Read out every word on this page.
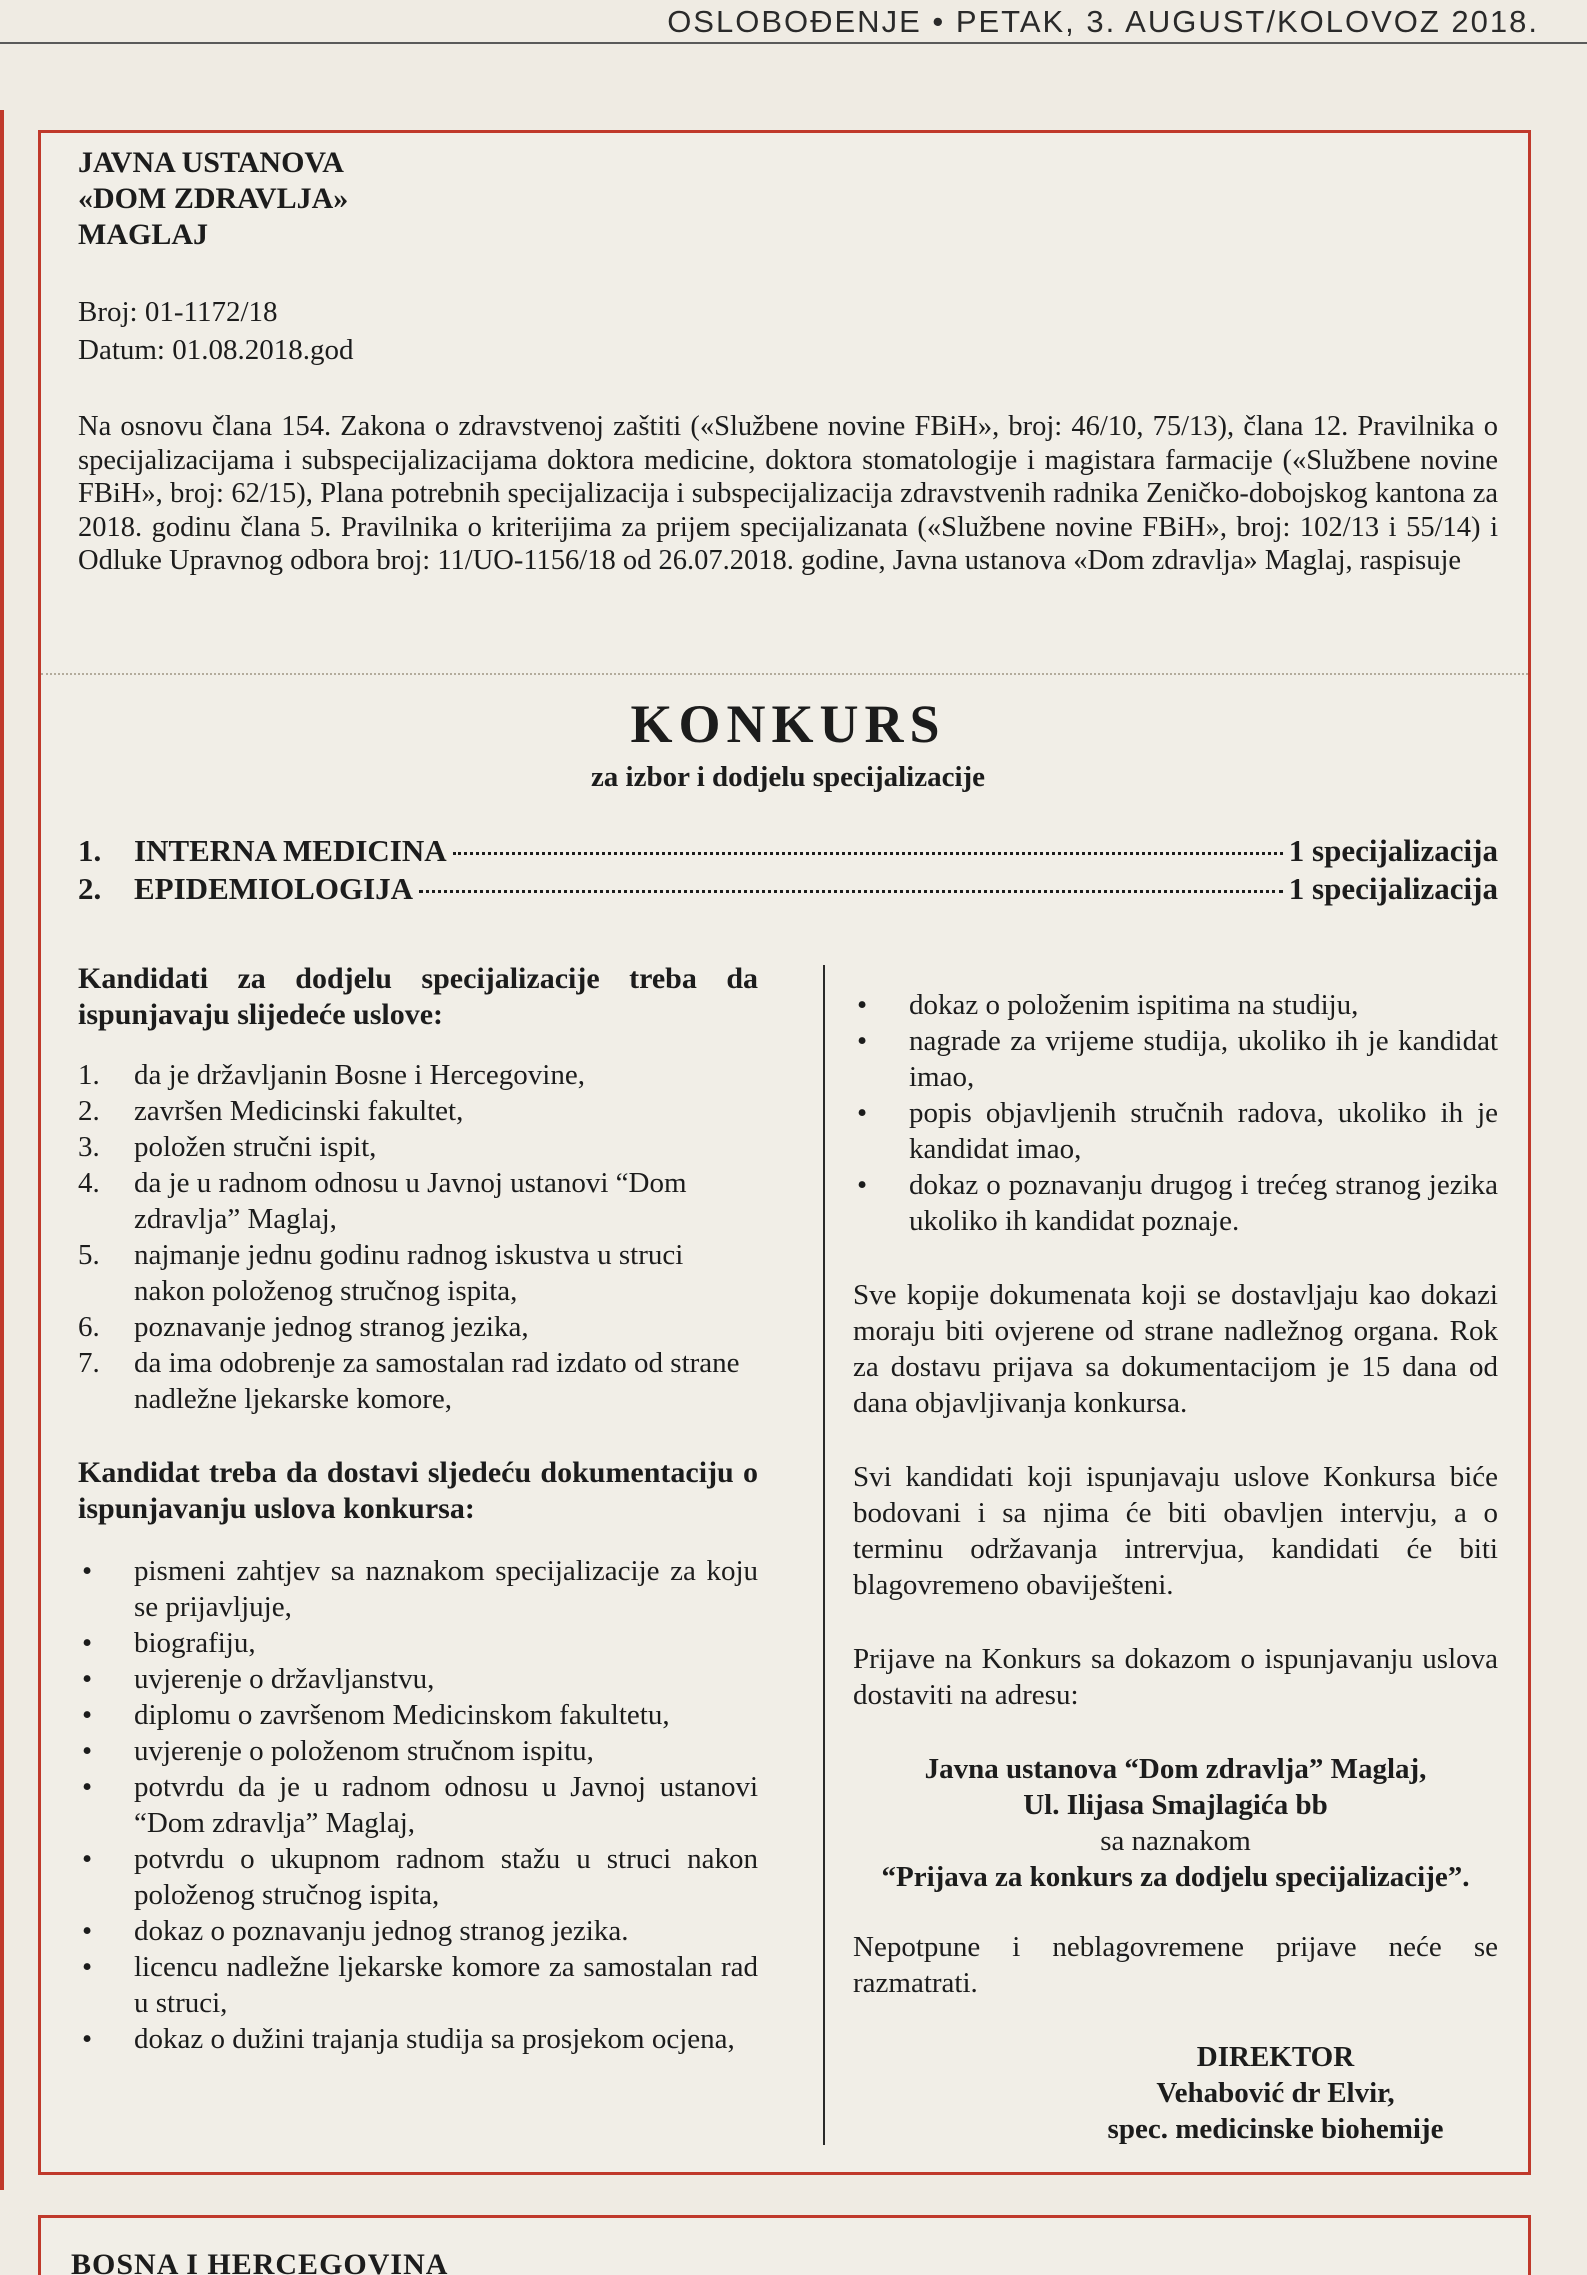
OSLOBOĐENJE • PETAK, 3. AUGUST/KOLOVOZ 2018.
JAVNA USTANOVA
«DOM ZDRAVLJA»
MAGLAJ
Broj: 01-1172/18
Datum: 01.08.2018.god
Na osnovu člana 154. Zakona o zdravstvenoj zaštiti («Službene novine FBiH», broj: 46/10, 75/13), člana 12. Pravilnika o specijalizacijama i subspecijalizacijama doktora medicine, doktora stomatologije i magistara farmacije («Službene novine FBiH», broj: 62/15), Plana potrebnih specijalizacija i subspecijalizacija zdravstvenih radnika Zeničko-dobojskog kantona za 2018. godinu člana 5. Pravilnika o kriterijima za prijem specijalizanata («Službene novine FBiH», broj: 102/13 i 55/14) i Odluke Upravnog odbora broj: 11/UO-1156/18 od 26.07.2018. godine, Javna ustanova «Dom zdravlja» Maglaj, raspisuje
KONKURS
za izbor i dodjelu specijalizacije
1.	INTERNA MEDICINA	1 specijalizacija
2.	EPIDEMIOLOGIJA	1 specijalizacija
Kandidati za dodjelu specijalizacije treba da ispunjavaju slijedeće uslove:
1.	da je državljanin Bosne i Hercegovine,
2.	završen Medicinski fakultet,
3.	položen stručni ispit,
4.	da je u radnom odnosu u Javnoj ustanovi “Dom zdravlja” Maglaj,
5.	najmanje jednu godinu radnog iskustva u struci nakon položenog stručnog ispita,
6.	poznavanje jednog stranog jezika,
7.	da ima odobrenje za samostalan rad izdato od strane nadležne ljekarske komore,
Kandidat treba da dostavi sljedeću dokumentaciju o ispunjavanju uslova konkursa:
•	pismeni zahtjev sa naznakom specijalizacije za koju se prijavljuje,
•	biografiju,
•	uvjerenje o državljanstvu,
•	diplomu o završenom Medicinskom fakultetu,
•	uvjerenje o položenom stručnom ispitu,
•	potvrdu da je u radnom odnosu u Javnoj ustanovi “Dom zdravlja” Maglaj,
•	potvrdu o ukupnom radnom stažu u struci nakon položenog stručnog ispita,
•	dokaz o poznavanju jednog stranog jezika.
•	licencu nadležne ljekarske komore za samostalan rad u struci,
•	dokaz o dužini trajanja studija sa prosjekom ocjena,
•	dokaz o položenim ispitima na studiju,
•	nagrade za vrijeme studija, ukoliko ih je kandidat imao,
•	popis objavljenih stručnih radova, ukoliko ih je kandidat imao,
•	dokaz o poznavanju drugog i trećeg stranog jezika ukoliko ih kandidat poznaje.
Sve kopije dokumenata koji se dostavljaju kao dokazi moraju biti ovjerene od strane nadležnog organa. Rok za dostavu prijava sa dokumentacijom je 15 dana od dana objavljivanja konkursa.
Svi kandidati koji ispunjavaju uslove Konkursa biće bodovani i sa njima će biti obavljen intervju, a o terminu održavanja intrervjua, kandidati će biti blagovremeno obaviješteni.
Prijave na Konkurs sa dokazom o ispunjavanju uslova dostaviti na adresu:
Javna ustanova “Dom zdravlja” Maglaj,
Ul. Ilijasa Smajlagića bb
sa naznakom
“Prijava za konkurs za dodjelu specijalizacije”.
Nepotpune i neblagovremene prijave neće se razmatrati.
DIREKTOR
Vehabović dr Elvir,
spec. medicinske biohemije
BOSNA I HERCEGOVINA
